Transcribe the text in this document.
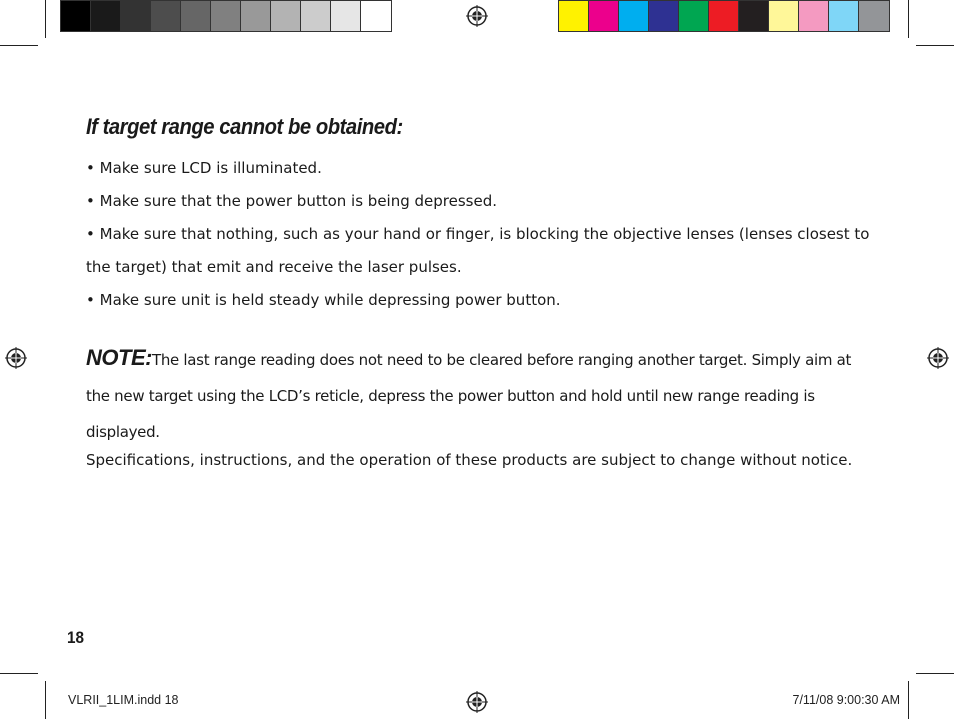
If target range cannot be obtained:
• Make sure LCD is illuminated.
• Make sure that the power button is being depressed.
• Make sure that nothing, such as your hand or finger, is blocking the objective lenses (lenses closest to the target) that emit and receive the laser pulses.
• Make sure unit is held steady while depressing power button.

NOTE:The last range reading does not need to be cleared before ranging another target. Simply aim at the new target using the LCD’s reticle, depress the power button and hold until new range reading is displayed.

Specifications, instructions, and the operation of these products are subject to change without notice.

18

VLRII_1LIM.indd 18	7/11/08 9:00:30 AM
